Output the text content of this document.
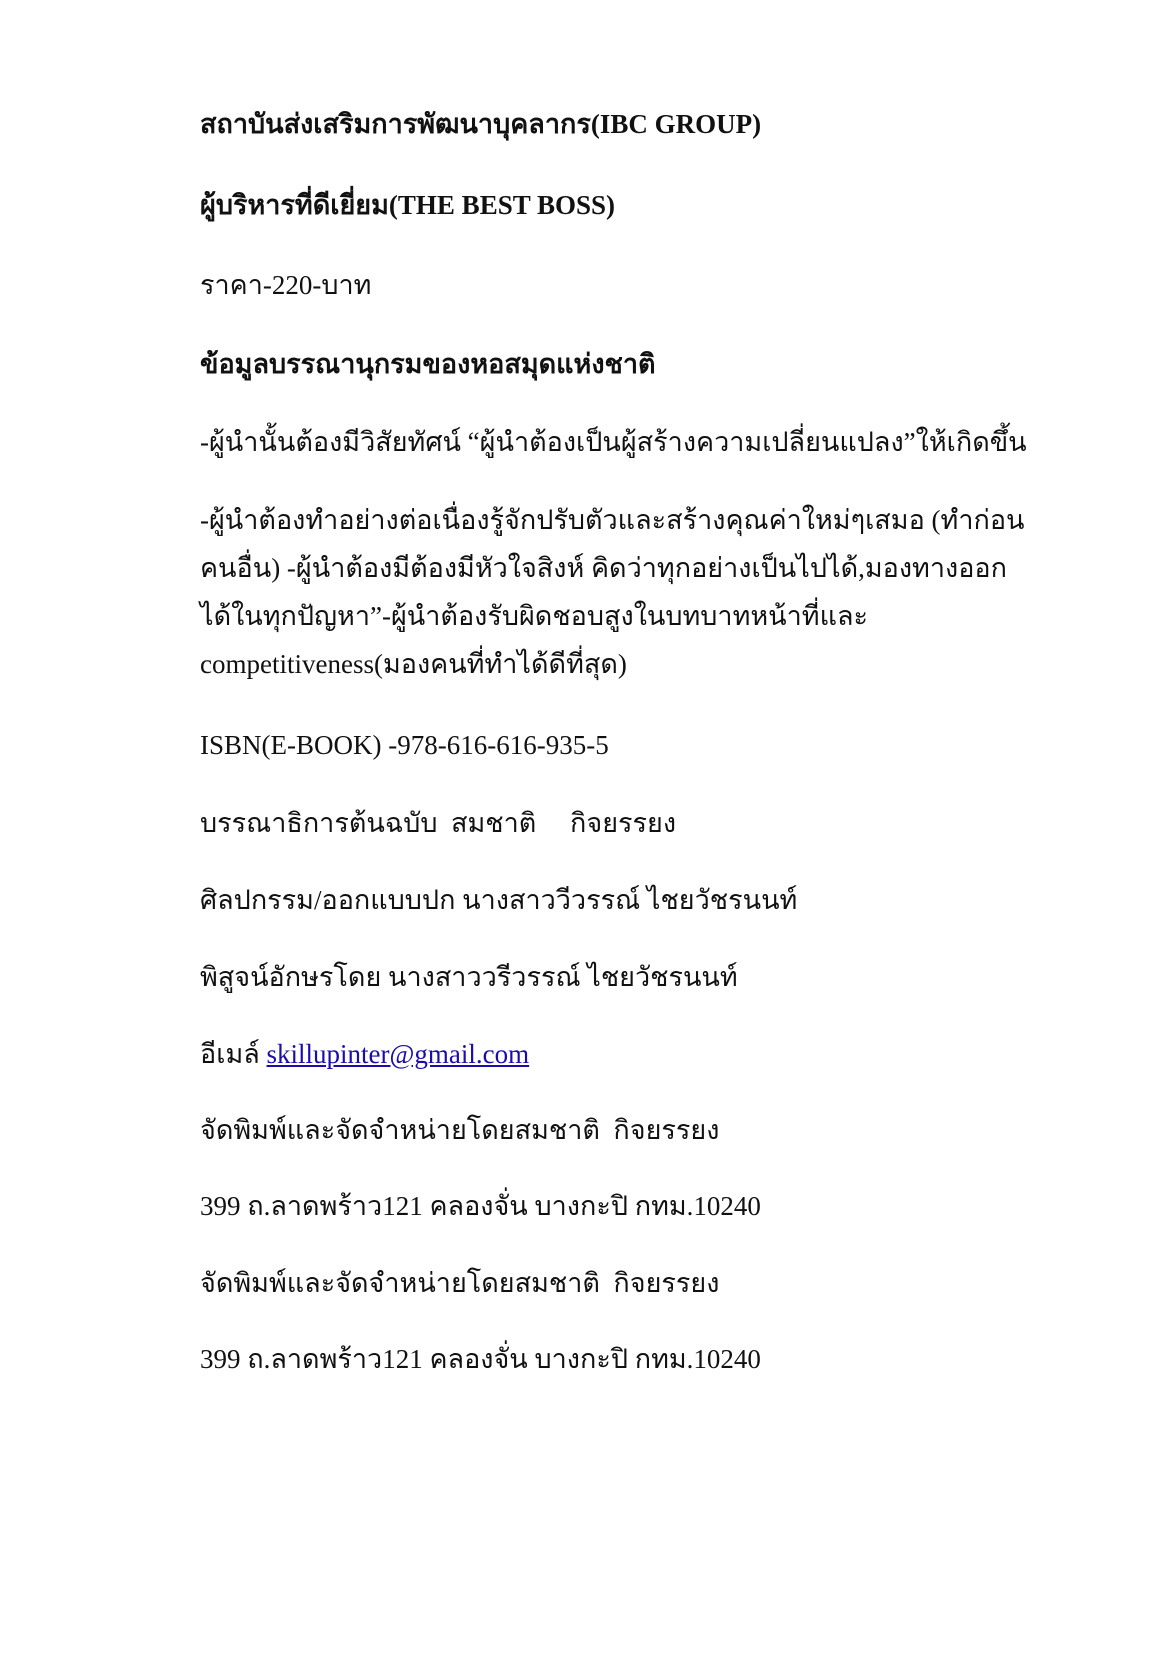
สถาบันส่งเสริมการพัฒนาบุคลากร(IBC GROUP)
ผู้บริหารที่ดีเยี่ยม(THE BEST BOSS)
ราคา-220-บาท
ข้อมูลบรรณานุกรมของหอสมุดแห่งชาติ
-ผู้นำนั้นต้องมีวิสัยทัศน์ “ผู้นำต้องเป็นผู้สร้างความเปลี่ยนแปลง”ให้เกิดขึ้น
-ผู้นำต้องทำอย่างต่อเนื่องรู้จักปรับตัวและสร้างคุณค่าใหม่ๆเสมอ (ทำก่อน
คนอื่น) -ผู้นำต้องมีต้องมีหัวใจสิงห์ คิดว่าทุกอย่างเป็นไปได้,มองทางออก
ได้ในทุกปัญหา”-ผู้นำต้องรับผิดชอบสูงในบทบาทหน้าที่และ
competitiveness(มองคนที่ทำได้ดีที่สุด)
ISBN(E-BOOK) -978-616-616-935-5
บรรณาธิการต้นฉบับ  สมชาติ     กิจยรรยง
ศิลปกรรม/ออกแบบปก นางสาววีวรรณ์ ไชยวัชรนนท์
พิสูจน์อักษรโดย นางสาววรีวรรณ์ ไชยวัชรนนท์
อีเมล์ skillupinter@gmail.com
จัดพิมพ์และจัดจำหน่ายโดยสมชาติ  กิจยรรยง
399 ถ.ลาดพร้าว121 คลองจั่น บางกะปิ กทม.10240
จัดพิมพ์และจัดจำหน่ายโดยสมชาติ  กิจยรรยง
399 ถ.ลาดพร้าว121 คลองจั่น บางกะปิ กทม.10240
